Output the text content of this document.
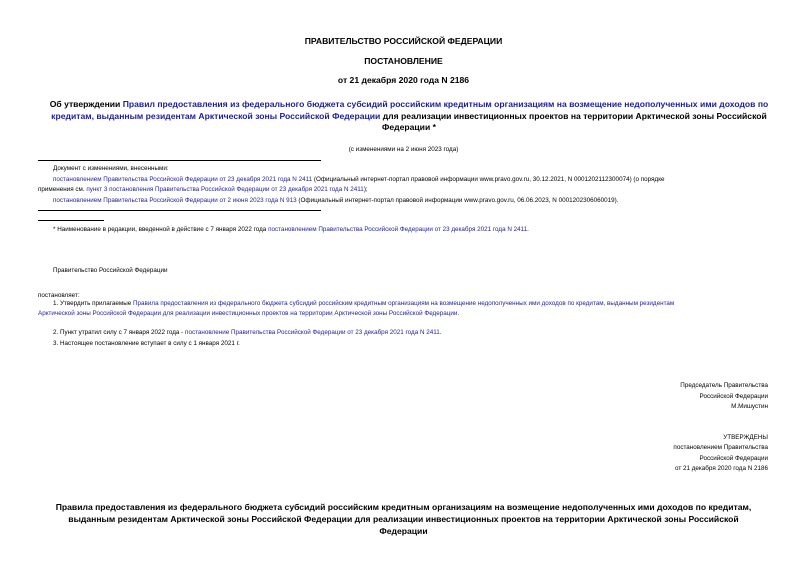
ПРАВИТЕЛЬСТВО РОССИЙСКОЙ ФЕДЕРАЦИИ
ПОСТАНОВЛЕНИЕ
от 21 декабря 2020 года N 2186
Об утверждении Правил предоставления из федерального бюджета субсидий российским кредитным организациям на возмещение недополученных ими доходов по кредитам, выданным резидентам Арктической зоны Российской Федерации для реализации инвестиционных проектов на территории Арктической зоны Российской Федерации *
(с изменениями на 2 июня 2023 года)
Документ с изменениями, внесенными:
постановлением Правительства Российской Федерации от 23 декабря 2021 года N 2411 (Официальный интернет-портал правовой информации www.pravo.gov.ru, 30.12.2021, N 0001202112300074) (о порядке
применения см. пункт 3 постановления Правительства Российской Федерации от 23 декабря 2021 года N 2411);
постановлением Правительства Российской Федерации от 2 июня 2023 года N 913 (Официальный интернет-портал правовой информации www.pravo.gov.ru, 06.06.2023, N 0001202306060019).
* Наименование в редакции, введенной в действие с 7 января 2022 года постановлением Правительства Российской Федерации от 23 декабря 2021 года N 2411.
Правительство Российской Федерации
постановляет:
1. Утвердить прилагаемые Правила предоставления из федерального бюджета субсидий российским кредитным организациям на возмещение недополученных ими доходов по кредитам, выданным резидентам
Арктической зоны Российской Федерации для реализации инвестиционных проектов на территории Арктической зоны Российской Федерации.
2. Пункт утратил силу с 7 января 2022 года - постановление Правительства Российской Федерации от 23 декабря 2021 года N 2411.
3. Настоящее постановление вступает в силу с 1 января 2021 г.
Председатель Правительства
Российской Федерации
М.Мишустин
УТВЕРЖДЕНЫ
постановлением Правительства
Российской Федерации
от 21 декабря 2020 года N 2186
Правила предоставления из федерального бюджета субсидий российским кредитным организациям на возмещение недополученных ими доходов по кредитам,
выданным резидентам Арктической зоны Российской Федерации для реализации инвестиционных проектов на территории Арктической зоны Российской
Федерации
